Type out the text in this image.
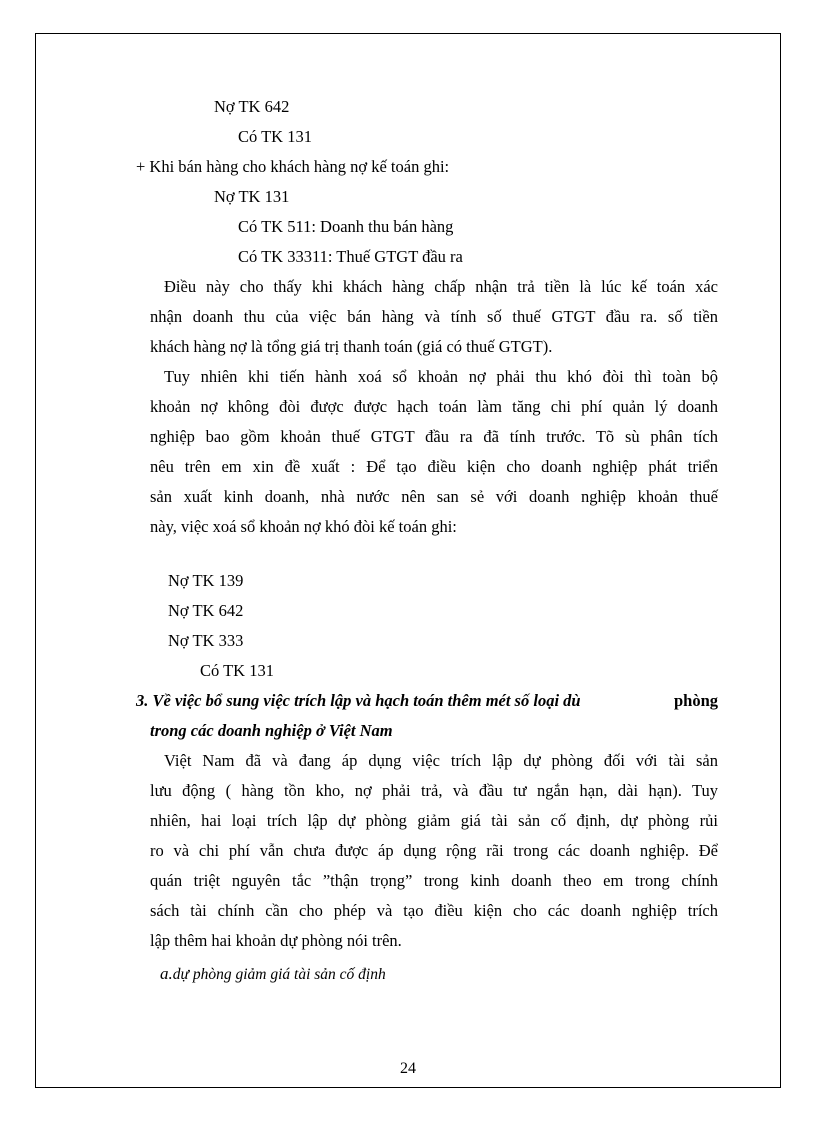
Nợ TK 642
Có TK 131
+ Khi bán hàng cho khách hàng nợ kế toán ghi:
Nợ TK 131
Có TK 511: Doanh thu bán hàng
Có TK 33311: Thuế GTGT đầu ra
Điều này cho thấy khi khách hàng chấp nhận trả tiền là lúc kế toán xác
nhận doanh thu của việc bán hàng và tính số thuế GTGT đầu ra. số tiền
khách hàng nợ là tổng giá trị thanh toán (giá có thuế GTGT).
Tuy nhiên khi tiến hành xoá sổ khoản nợ phải thu khó đòi thì toàn bộ
khoản nợ không đòi được được hạch toán làm tăng chi phí quản lý doanh
nghiệp bao gồm khoản thuế GTGT đầu ra đã tính trước. Tõ sù phân tích
nêu trên em xin đề xuất : Để tạo điều kiện cho doanh nghiệp phát triển
sản xuất kinh doanh, nhà nước nên san sẻ với doanh nghiệp khoản thuế
này, việc xoá sổ khoản nợ khó đòi kế toán ghi:
Nợ TK 139
Nợ TK 642
Nợ TK 333
Có TK 131
3. Về việc bổ sung việc trích lập và hạch toán thêm mét số loại dù	phòng
trong các doanh nghiệp ở Việt Nam
Việt Nam đã và đang áp dụng việc trích lập dự phòng đối với tài sản
lưu động ( hàng tồn kho, nợ phải trả, và đầu tư ngắn hạn, dài hạn). Tuy
nhiên, hai loại trích lập dự phòng giảm giá tài sản cố định, dự phòng rủi
ro và chi phí vẫn chưa được áp dụng rộng rãi trong các doanh nghiệp. Để
quán triệt nguyên tắc ”thận trọng” trong kinh doanh theo em trong chính
sách tài chính cần cho phép và tạo điều kiện cho các doanh nghiệp trích
lập thêm hai khoản dự phòng nói trên.
a.dự phòng giảm giá tài sản cố định
24
